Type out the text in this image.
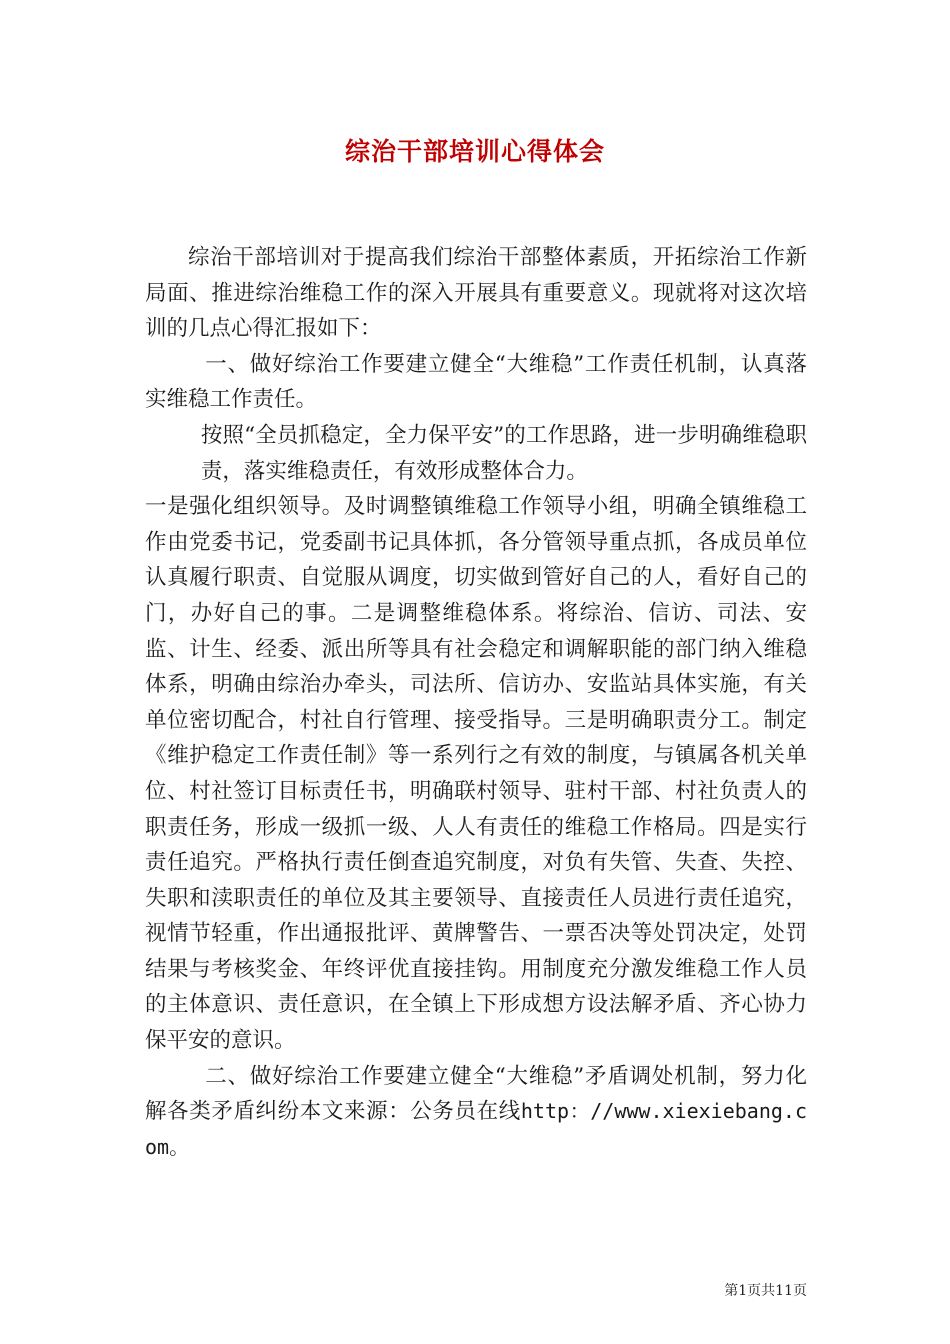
综治干部培训心得体会

综治干部培训对于提高我们综治干部整体素质，开拓综治工作新局面、推进综治维稳工作的深入开展具有重要意义。现就将对这次培训的几点心得汇报如下：

一、做好综治工作要建立健全“大维稳”工作责任机制，认真落实维稳工作责任。

按照“全员抓稳定，全力保平安”的工作思路，进一步明确维稳职责，落实维稳责任，有效形成整体合力。

一是强化组织领导。及时调整镇维稳工作领导小组，明确全镇维稳工作由党委书记，党委副书记具体抓，各分管领导重点抓，各成员单位认真履行职责、自觉服从调度，切实做到管好自己的人，看好自己的门，办好自己的事。二是调整维稳体系。将综治、信访、司法、安监、计生、经委、派出所等具有社会稳定和调解职能的部门纳入维稳体系，明确由综治办牵头，司法所、信访办、安监站具体实施，有关单位密切配合，村社自行管理、接受指导。三是明确职责分工。制定《维护稳定工作责任制》等一系列行之有效的制度，与镇属各机关单位、村社签订目标责任书，明确联村领导、驻村干部、村社负责人的职责任务，形成一级抓一级、人人有责任的维稳工作格局。四是实行责任追究。严格执行责任倒查追究制度，对负有失管、失查、失控、失职和渎职责任的单位及其主要领导、直接责任人员进行责任追究，视情节轻重，作出通报批评、黄牌警告、一票否决等处罚决定，处罚结果与考核奖金、年终评优直接挂钩。用制度充分激发维稳工作人员的主体意识、责任意识，在全镇上下形成想方设法解矛盾、齐心协力保平安的意识。

二、做好综治工作要建立健全“大维稳”矛盾调处机制，努力化解各类矛盾纠纷本文来源：公务员在线http：//www.xiexiebang.com。

第1页共11页
